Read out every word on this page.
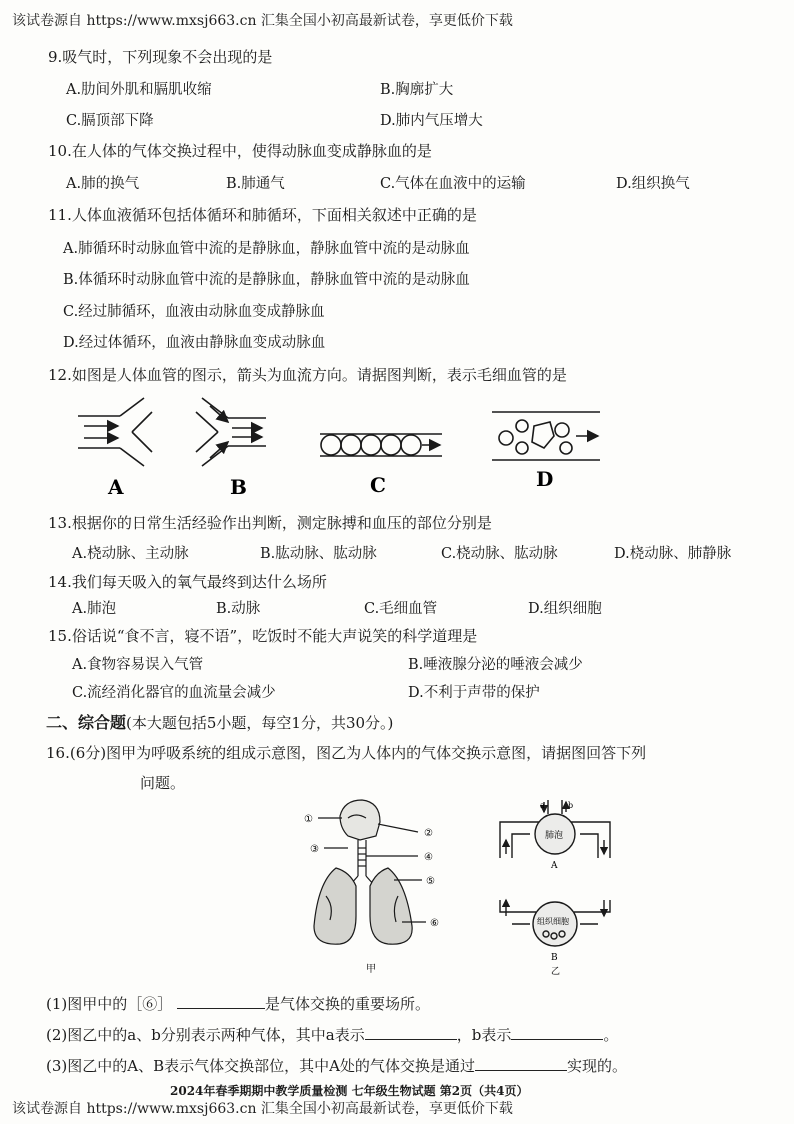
该试卷源自 https://www.mxsj663.cn 汇集全国小初高最新试卷，享更低价下载
9.吸气时，下列现象不会出现的是
A.肋间外肌和膈肌收缩	B.胸廓扩大
C.膈顶部下降	D.肺内气压增大
10.在人体的气体交换过程中，使得动脉血变成静脉血的是
A.肺的换气	B.肺通气	C.气体在血液中的运输	D.组织换气
11.人体血液循环包括体循环和肺循环，下面相关叙述中正确的是
A.肺循环时动脉血管中流的是静脉血，静脉血管中流的是动脉血
B.体循环时动脉血管中流的是静脉血，静脉血管中流的是动脉血
C.经过肺循环，血液由动脉血变成静脉血
D.经过体循环，血液由静脉血变成动脉血
12.如图是人体血管的图示，箭头为血流方向。请据图判断，表示毛细血管的是
A	B	C	D
13.根据你的日常生活经验作出判断，测定脉搏和血压的部位分别是
A.桡动脉、主动脉	B.肱动脉、肱动脉	C.桡动脉、肱动脉	D.桡动脉、肺静脉
14.我们每天吸入的氧气最终到达什么场所
A.肺泡	B.动脉	C.毛细血管	D.组织细胞
15.俗话说“食不言，寝不语”，吃饭时不能大声说笑的科学道理是
A.食物容易误入气管	B.唾液腺分泌的唾液会减少
C.流经消化器官的血流量会减少	D.不利于声带的保护
二、综合题(本大题包括5小题，每空1分，共30分。)
16.(6分)图甲为呼吸系统的组成示意图，图乙为人体内的气体交换示意图，请据图回答下列
问题。
①
②
③
④
⑤
⑥
甲
a	b
肺泡
A
组织细胞
B
乙
(1)图甲中的［⑥］	是气体交换的重要场所。
(2)图乙中的a、b分别表示两种气体，其中a表示	，b表示	。
(3)图乙中的A、B表示气体交换部位，其中A处的气体交换是通过	实现的。
2024年春季期期中教学质量检测 七年级生物试题 第2页（共4页）
该试卷源自 https://www.mxsj663.cn 汇集全国小初高最新试卷，享更低价下载
